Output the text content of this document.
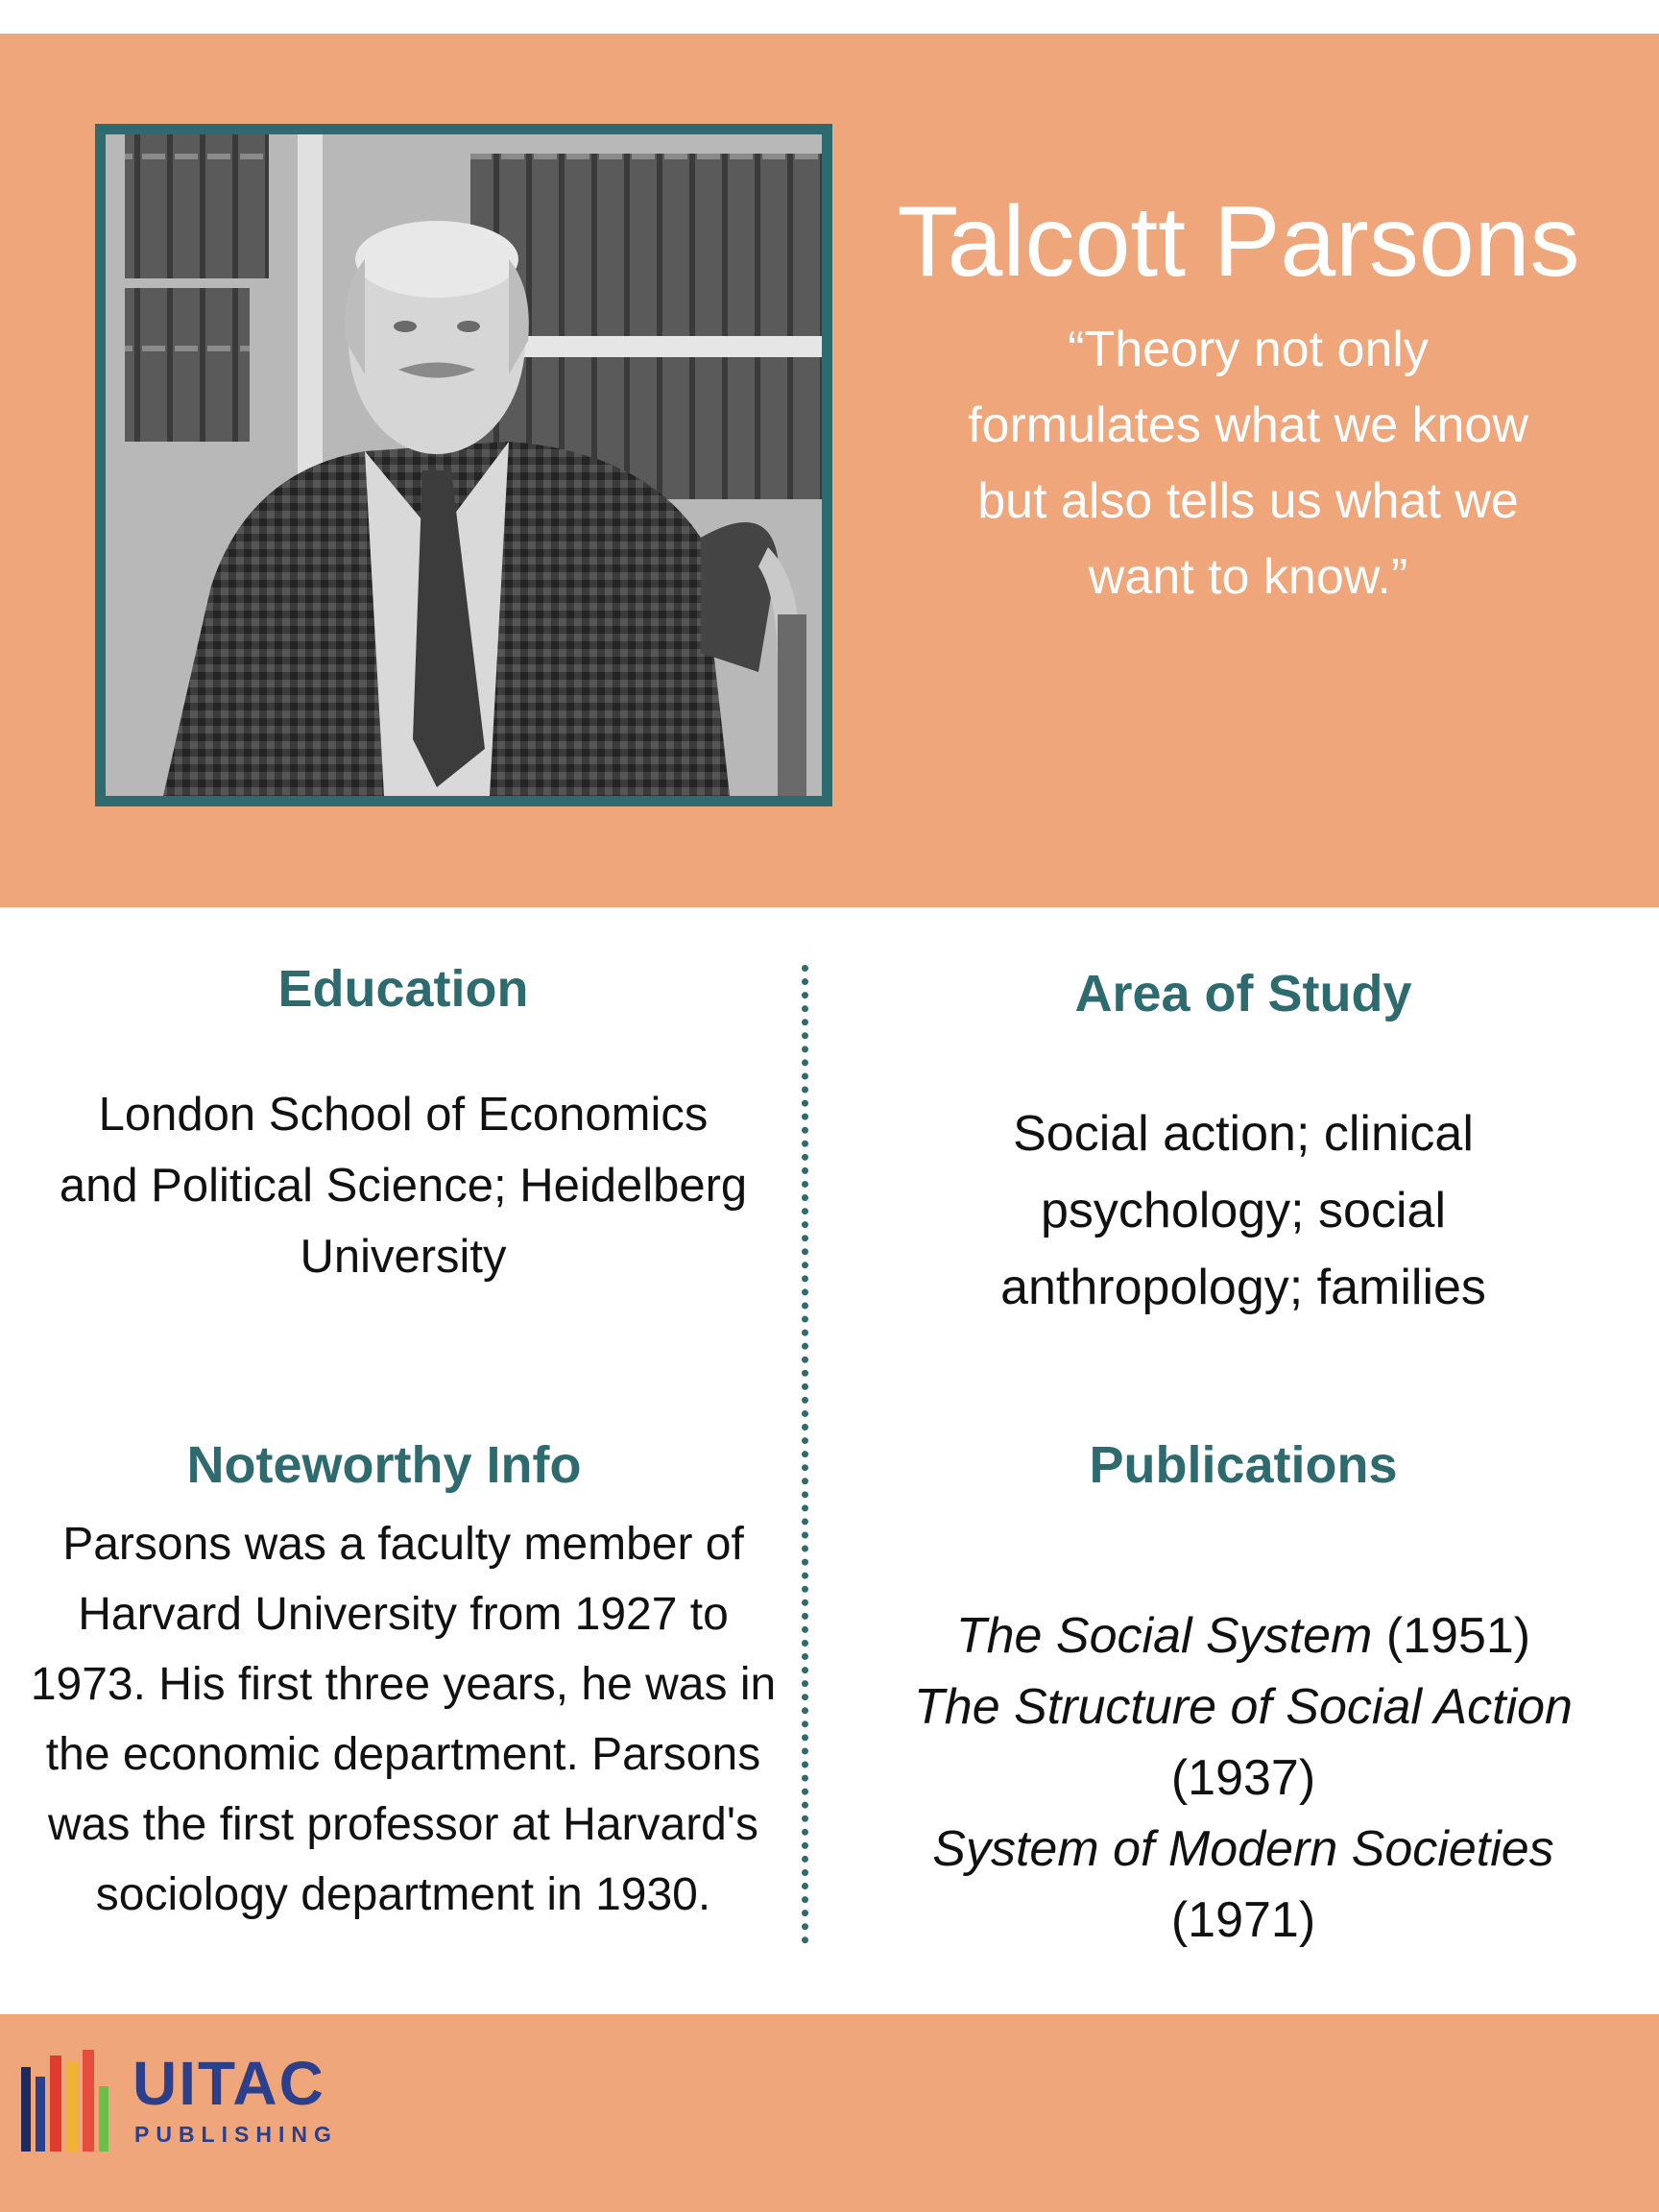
Talcott Parsons
“Theory not only formulates what we know but also tells us what we want to know.”
Education
London School of Economics and Political Science; Heidelberg University
Area of Study
Social action; clinical psychology; social anthropology; families
Noteworthy Info
Parsons was a faculty member of Harvard University from 1927 to 1973. His first three years, he was in the economic department. Parsons was the first professor at Harvard's sociology department in 1930.
Publications
The Social System (1951)
The Structure of Social Action
(1937)
System of Modern Societies
(1971)
UITAC
PUBLISHING
